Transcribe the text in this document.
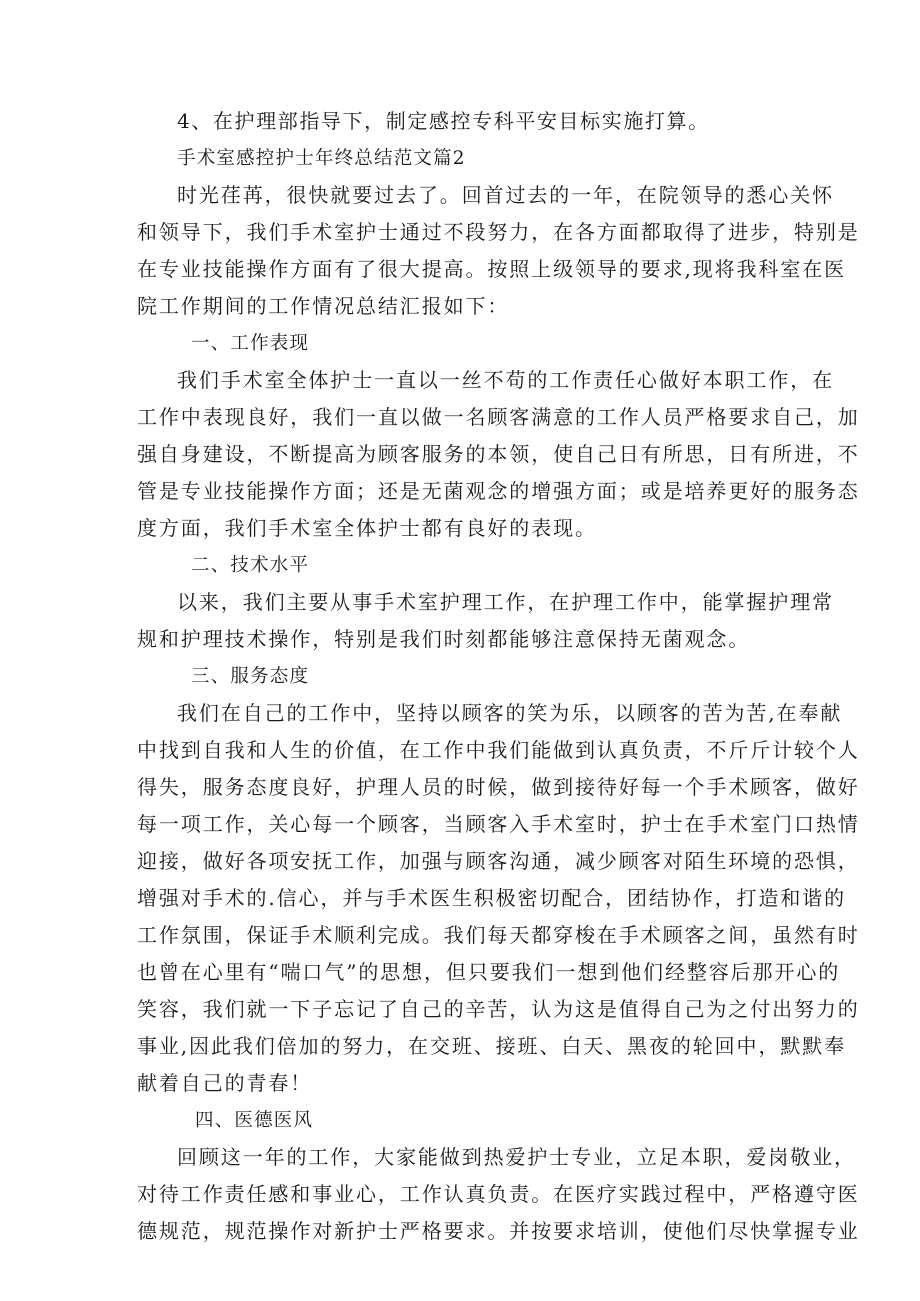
4、在护理部指导下，制定感控专科平安目标实施打算。

手术室感控护士年终总结范文篇2

时光荏苒，很快就要过去了。回首过去的一年，在院领导的悉心关怀

和领导下，我们手术室护士通过不段努力，在各方面都取得了进步，特别是

在专业技能操作方面有了很大提高。按照上级领导的要求,现将我科室在医

院工作期间的工作情况总结汇报如下：

一、工作表现

我们手术室全体护士一直以一丝不苟的工作责任心做好本职工作，在

工作中表现良好，我们一直以做一名顾客满意的工作人员严格要求自己，加

强自身建设，不断提高为顾客服务的本领，使自己日有所思，日有所进，不

管是专业技能操作方面；还是无菌观念的增强方面；或是培养更好的服务态

度方面，我们手术室全体护士都有良好的表现。

二、技术水平

以来，我们主要从事手术室护理工作，在护理工作中，能掌握护理常

规和护理技术操作，特别是我们时刻都能够注意保持无菌观念。

三、服务态度

我们在自己的工作中，坚持以顾客的笑为乐，以顾客的苦为苦,在奉献

中找到自我和人生的价值，在工作中我们能做到认真负责，不斤斤计较个人

得失，服务态度良好，护理人员的时候，做到接待好每一个手术顾客，做好

每一项工作，关心每一个顾客，当顾客入手术室时，护士在手术室门口热情

迎接，做好各项安抚工作，加强与顾客沟通，减少顾客对陌生环境的恐惧，

增强对手术的.信心，并与手术医生积极密切配合，团结协作，打造和谐的

工作氛围，保证手术顺利完成。我们每天都穿梭在手术顾客之间，虽然有时

也曾在心里有“喘口气”的思想，但只要我们一想到他们经整容后那开心的

笑容，我们就一下子忘记了自己的辛苦，认为这是值得自己为之付出努力的

事业,因此我们倍加的努力，在交班、接班、白天、黑夜的轮回中，默默奉

献着自己的青春！

四、医德医风

回顾这一年的工作，大家能做到热爱护士专业，立足本职，爱岗敬业，

对待工作责任感和事业心，工作认真负责。在医疗实践过程中，严格遵守医

德规范，规范操作对新护士严格要求。并按要求培训，使他们尽快掌握专业
